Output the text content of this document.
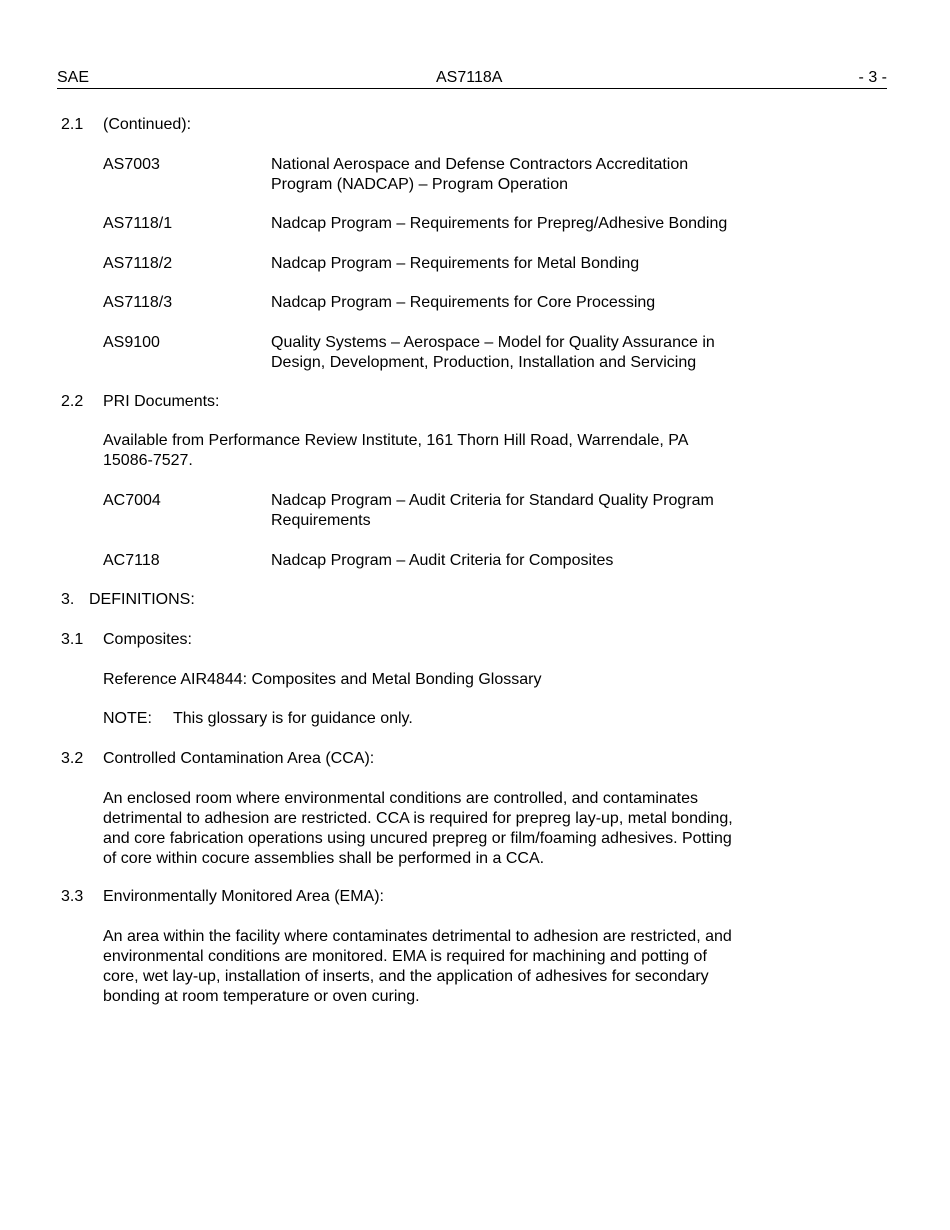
SAE	AS7118A	- 3 -
2.1 (Continued):
AS7003	National Aerospace and Defense Contractors Accreditation
Program (NADCAP) – Program Operation
AS7118/1	Nadcap Program – Requirements for Prepreg/Adhesive Bonding
AS7118/2	Nadcap Program – Requirements for Metal Bonding
AS7118/3	Nadcap Program – Requirements for Core Processing
AS9100	Quality Systems – Aerospace – Model for Quality Assurance in
Design, Development, Production, Installation and Servicing
2.2 PRI Documents:
Available from Performance Review Institute, 161 Thorn Hill Road, Warrendale, PA
15086-7527.
AC7004	Nadcap Program – Audit Criteria for Standard Quality Program
Requirements
AC7118	Nadcap Program – Audit Criteria for Composites
3. DEFINITIONS:
3.1 Composites:
Reference AIR4844: Composites and Metal Bonding Glossary
NOTE: This glossary is for guidance only.
3.2 Controlled Contamination Area (CCA):
An enclosed room where environmental conditions are controlled, and contaminates
detrimental to adhesion are restricted. CCA is required for prepreg lay-up, metal bonding,
and core fabrication operations using uncured prepreg or film/foaming adhesives. Potting
of core within cocure assemblies shall be performed in a CCA.
3.3 Environmentally Monitored Area (EMA):
An area within the facility where contaminates detrimental to adhesion are restricted, and
environmental conditions are monitored. EMA is required for machining and potting of
core, wet lay-up, installation of inserts, and the application of adhesives for secondary
bonding at room temperature or oven curing.
